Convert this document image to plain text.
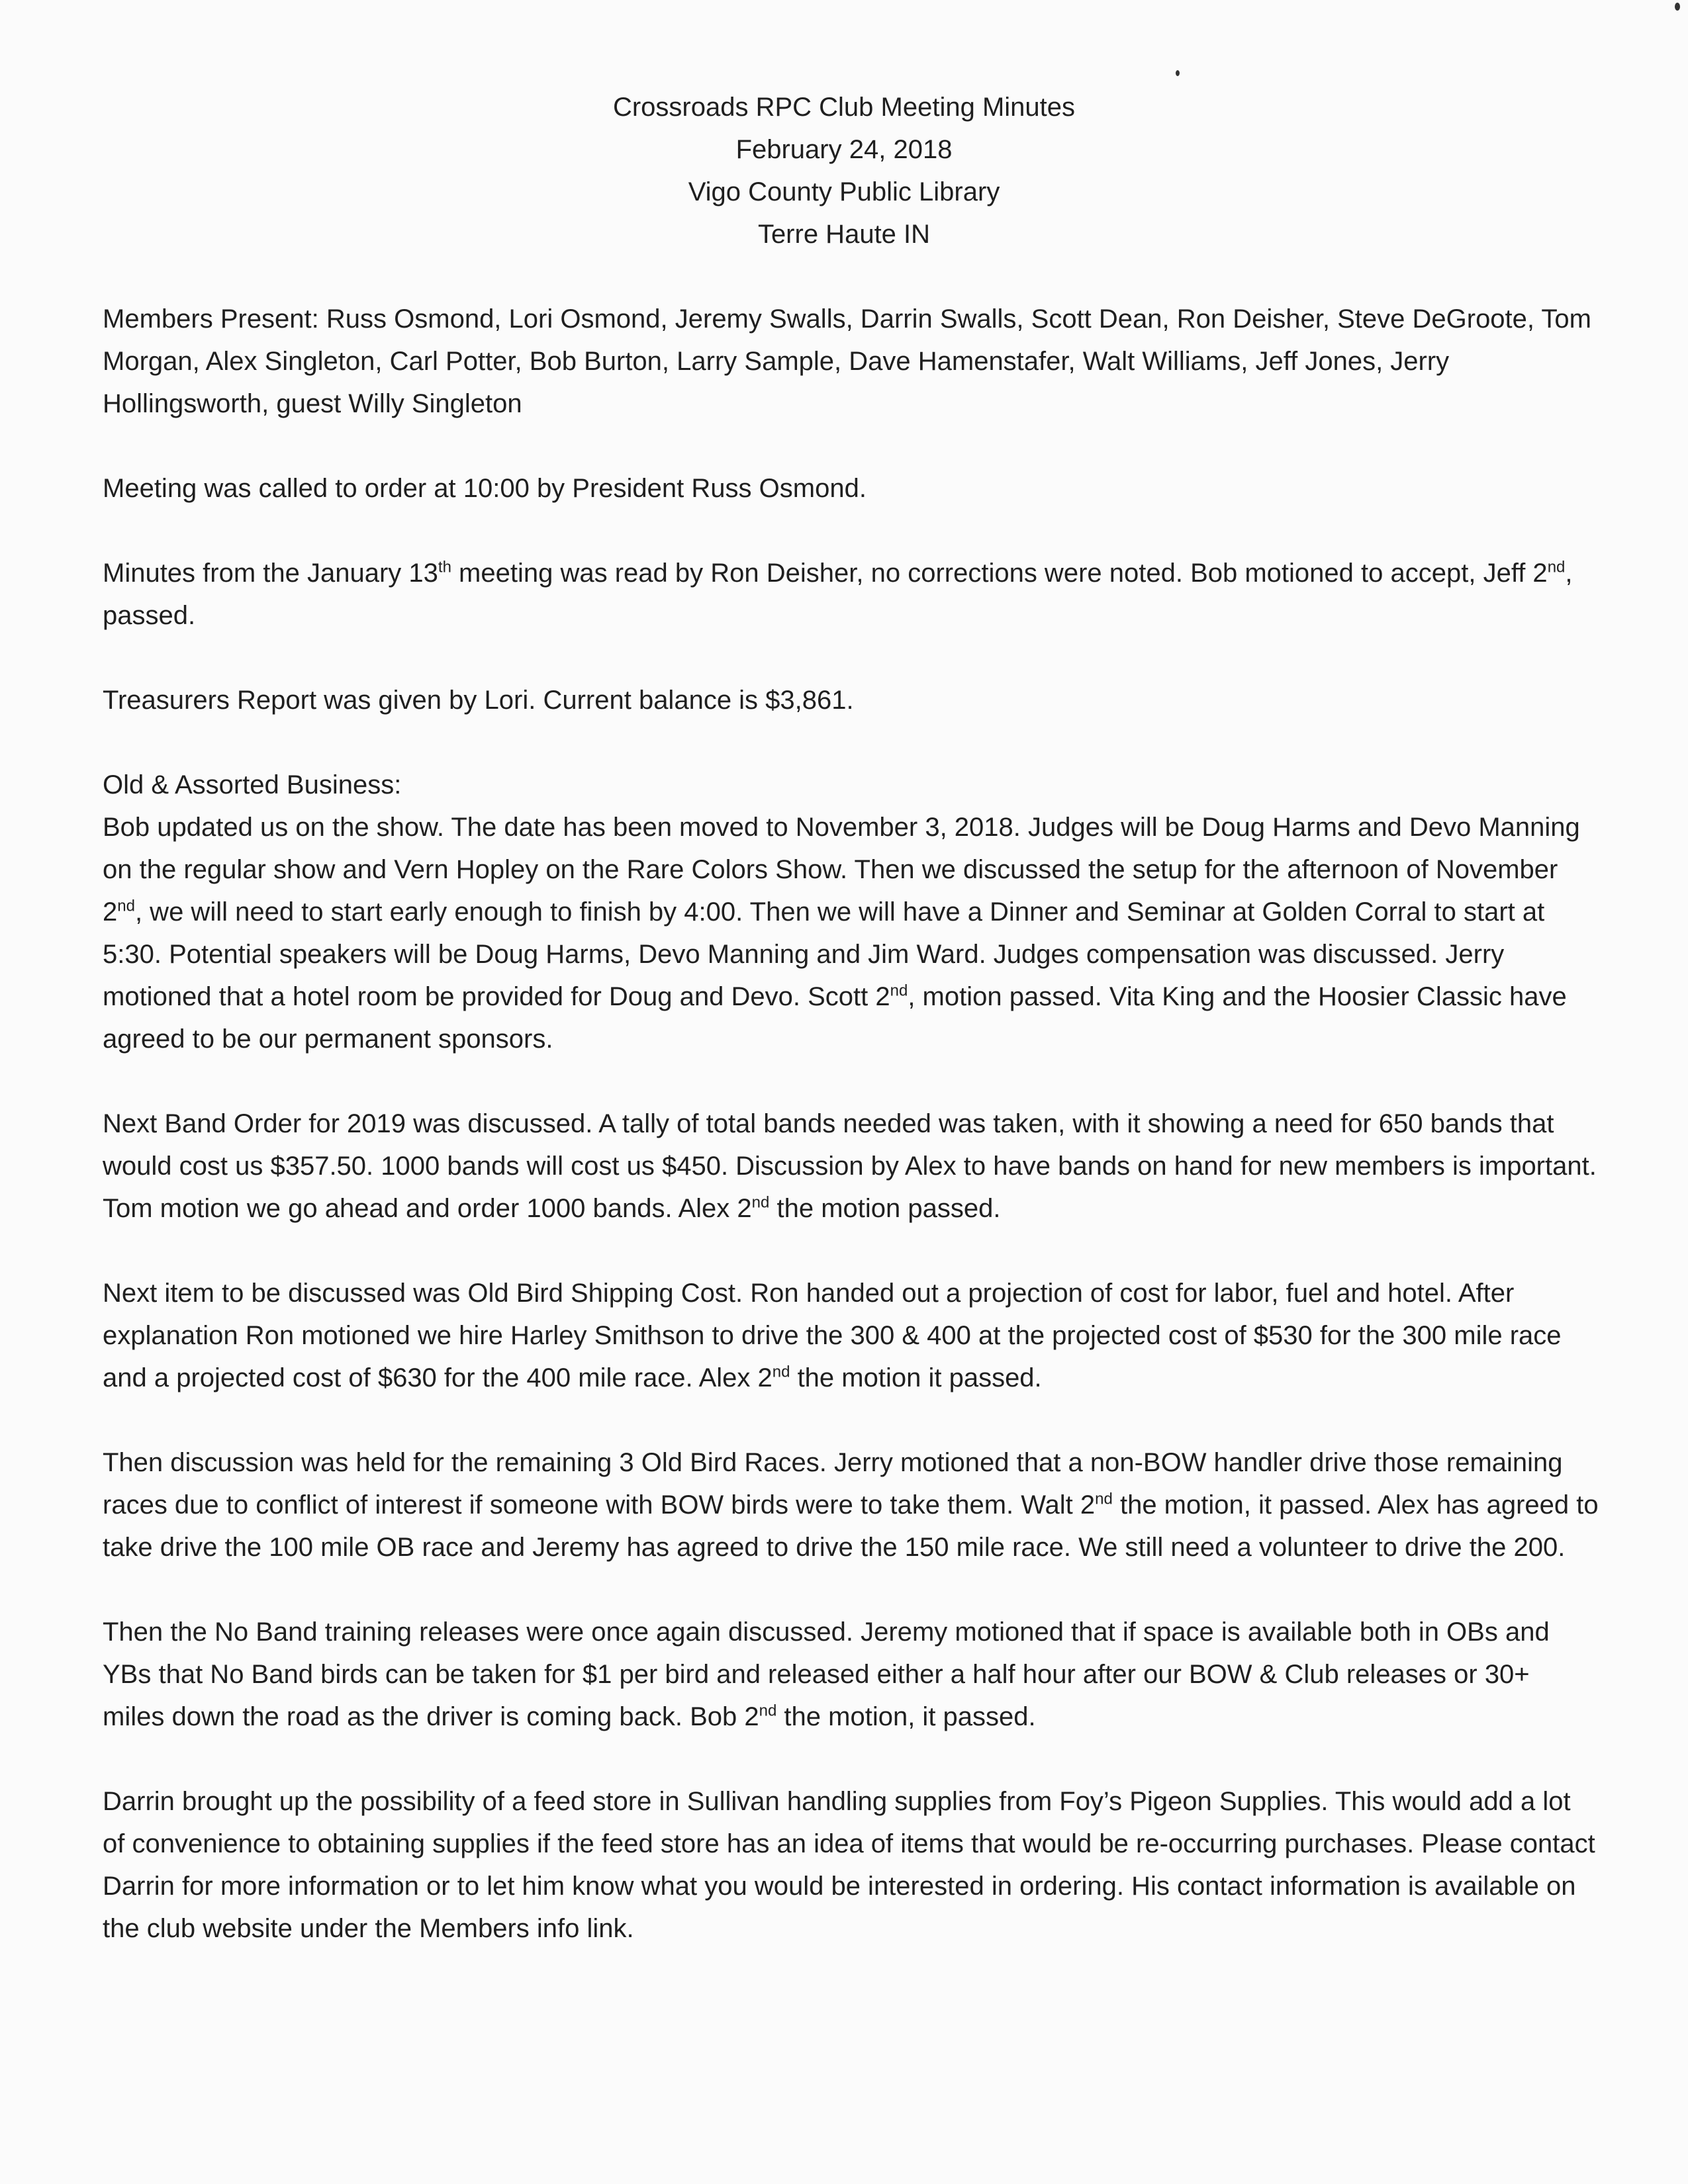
Crossroads RPC Club Meeting Minutes
February 24, 2018
Vigo County Public Library
Terre Haute IN

Members Present: Russ Osmond, Lori Osmond, Jeremy Swalls, Darrin Swalls, Scott Dean, Ron Deisher, Steve DeGroote, Tom Morgan, Alex Singleton, Carl Potter, Bob Burton, Larry Sample, Dave Hamenstafer, Walt Williams, Jeff Jones, Jerry Hollingsworth, guest Willy Singleton

Meeting was called to order at 10:00 by President Russ Osmond.

Minutes from the January 13th meeting was read by Ron Deisher, no corrections were noted. Bob motioned to accept, Jeff 2nd, passed.

Treasurers Report was given by Lori. Current balance is $3,861.

Old & Assorted Business:

Bob updated us on the show. The date has been moved to November 3, 2018. Judges will be Doug Harms and Devo Manning on the regular show and Vern Hopley on the Rare Colors Show. Then we discussed the setup for the afternoon of November 2nd, we will need to start early enough to finish by 4:00. Then we will have a Dinner and Seminar at Golden Corral to start at 5:30. Potential speakers will be Doug Harms, Devo Manning and Jim Ward. Judges compensation was discussed. Jerry motioned that a hotel room be provided for Doug and Devo. Scott 2nd, motion passed. Vita King and the Hoosier Classic have agreed to be our permanent sponsors.

Next Band Order for 2019 was discussed. A tally of total bands needed was taken, with it showing a need for 650 bands that would cost us $357.50. 1000 bands will cost us $450. Discussion by Alex to have bands on hand for new members is important. Tom motion we go ahead and order 1000 bands. Alex 2nd the motion passed.

Next item to be discussed was Old Bird Shipping Cost. Ron handed out a projection of cost for labor, fuel and hotel. After explanation Ron motioned we hire Harley Smithson to drive the 300 & 400 at the projected cost of $530 for the 300 mile race and a projected cost of $630 for the 400 mile race. Alex 2nd the motion it passed.

Then discussion was held for the remaining 3 Old Bird Races. Jerry motioned that a non-BOW handler drive those remaining races due to conflict of interest if someone with BOW birds were to take them. Walt 2nd the motion, it passed. Alex has agreed to take drive the 100 mile OB race and Jeremy has agreed to drive the 150 mile race. We still need a volunteer to drive the 200.

Then the No Band training releases were once again discussed. Jeremy motioned that if space is available both in OBs and YBs that No Band birds can be taken for $1 per bird and released either a half hour after our BOW & Club releases or 30+ miles down the road as the driver is coming back. Bob 2nd the motion, it passed.

Darrin brought up the possibility of a feed store in Sullivan handling supplies from Foy’s Pigeon Supplies. This would add a lot of convenience to obtaining supplies if the feed store has an idea of items that would be re-occurring purchases. Please contact Darrin for more information or to let him know what you would be interested in ordering. His contact information is available on the club website under the Members info link.
